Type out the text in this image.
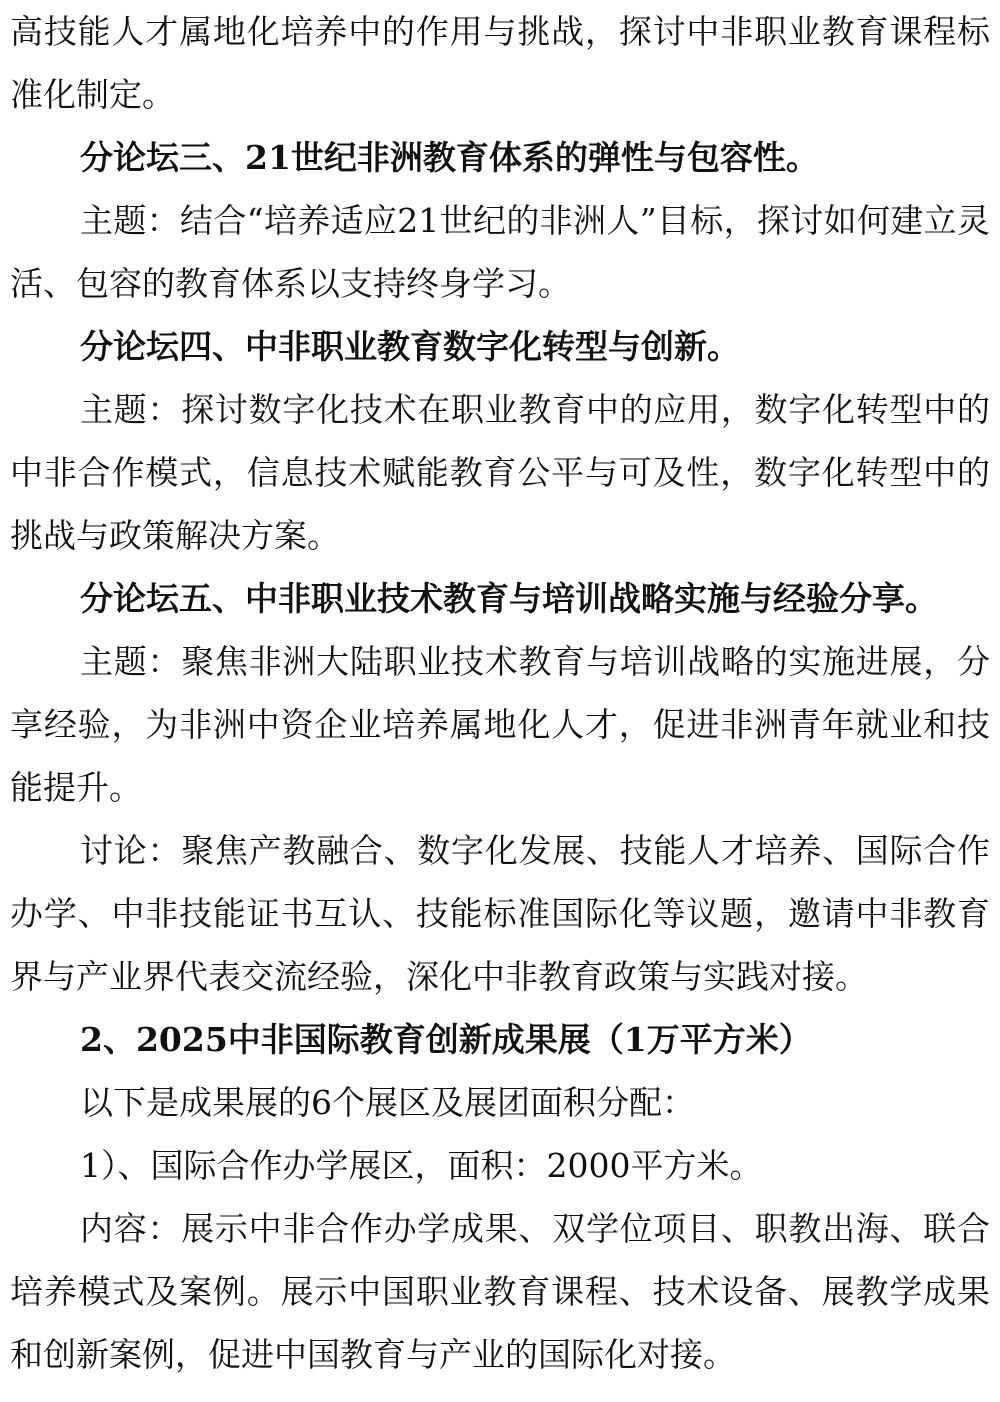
高技能人才属地化培养中的作用与挑战，探讨中非职业教育课程标准化制定。

分论坛三、21世纪非洲教育体系的弹性与包容性。

主题：结合“培养适应21世纪的非洲人”目标，探讨如何建立灵活、包容的教育体系以支持终身学习。

分论坛四、中非职业教育数字化转型与创新。

主题：探讨数字化技术在职业教育中的应用，数字化转型中的中非合作模式，信息技术赋能教育公平与可及性，数字化转型中的挑战与政策解决方案。

分论坛五、中非职业技术教育与培训战略实施与经验分享。

主题：聚焦非洲大陆职业技术教育与培训战略的实施进展，分享经验，为非洲中资企业培养属地化人才，促进非洲青年就业和技能提升。

讨论：聚焦产教融合、数字化发展、技能人才培养、国际合作办学、中非技能证书互认、技能标准国际化等议题，邀请中非教育界与产业界代表交流经验，深化中非教育政策与实践对接。

2、2025中非国际教育创新成果展（1万平方米）

以下是成果展的6个展区及展团面积分配：

1）、国际合作办学展区，面积：2000平方米。

内容：展示中非合作办学成果、双学位项目、职教出海、联合培养模式及案例。展示中国职业教育课程、技术设备、展教学成果和创新案例，促进中国教育与产业的国际化对接。
